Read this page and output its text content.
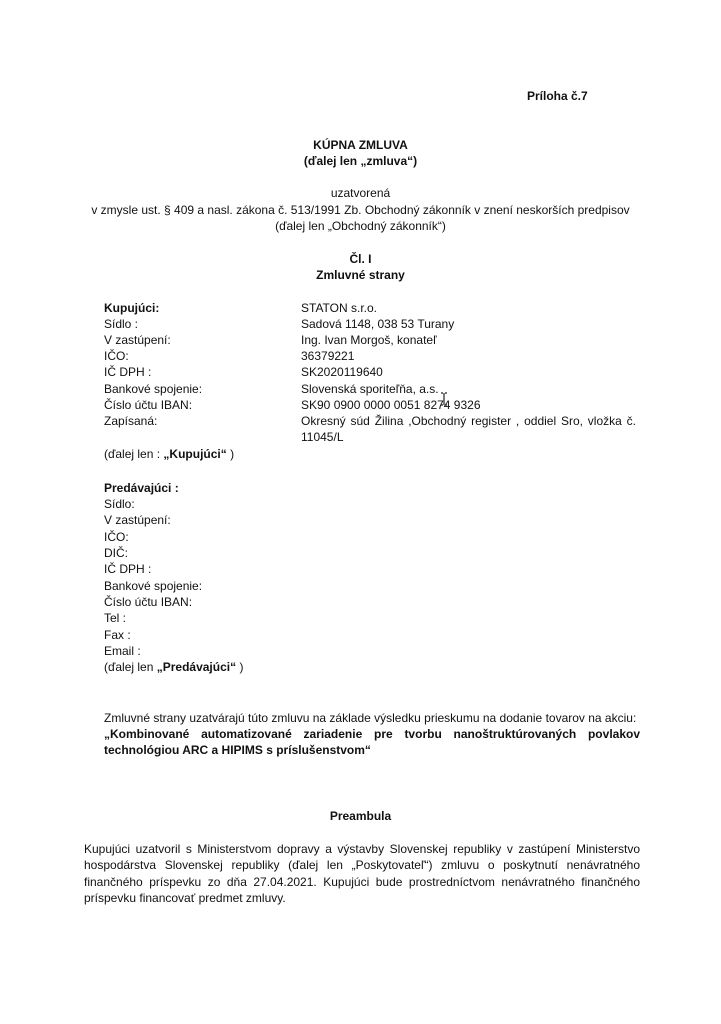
Príloha č.7
KÚPNA ZMLUVA
(ďalej len „zmluva“)
uzatvorená
v zmysle ust. § 409 a nasl. zákona č. 513/1991 Zb. Obchodný zákonník v znení neskorších predpisov
(ďalej len „Obchodný zákonník“)
Čl. I
Zmluvné strany
Kupujúci:	STATON s.r.o.
Sídlo :	Sadová 1148, 038 53 Turany
V zastúpení:	Ing. Ivan Morgoš, konateľ
IČO:	36379221
IČ DPH :	SK2020119640
Bankové spojenie:	Slovenská sporiteľňa, a.s.
Číslo účtu IBAN:	SK90 0900 0000 0051 8274 9326
Zapísaná:	Okresný súd Žilina ,Obchodný register , oddiel Sro, vložka č.
11045/L
(ďalej len : „Kupujúci“ )
Predávajúci :
Sídlo:
V zastúpení:
IČO:
DIČ:
IČ DPH :
Bankové spojenie:
Číslo účtu IBAN:
Tel :
Fax :
Email :
(ďalej len „Predávajúci“ )
Zmluvné strany uzatvárajú túto zmluvu na základe výsledku prieskumu na dodanie tovarov na akciu:
„Kombinované automatizované zariadenie pre tvorbu nanoštruktúrovaných povlakov
technológiou ARC a HIPIMS s príslušenstvom“
Preambula
Kupujúci uzatvoril s Ministerstvom dopravy a výstavby Slovenskej republiky v zastúpení Ministerstvo
hospodárstva Slovenskej republiky (ďalej len „Poskytovateľ“) zmluvu o poskytnutí nenávratného
finančného príspevku zo dňa 27.04.2021. Kupujúci bude prostredníctvom nenávratného finančného
príspevku financovať predmet zmluvy.
